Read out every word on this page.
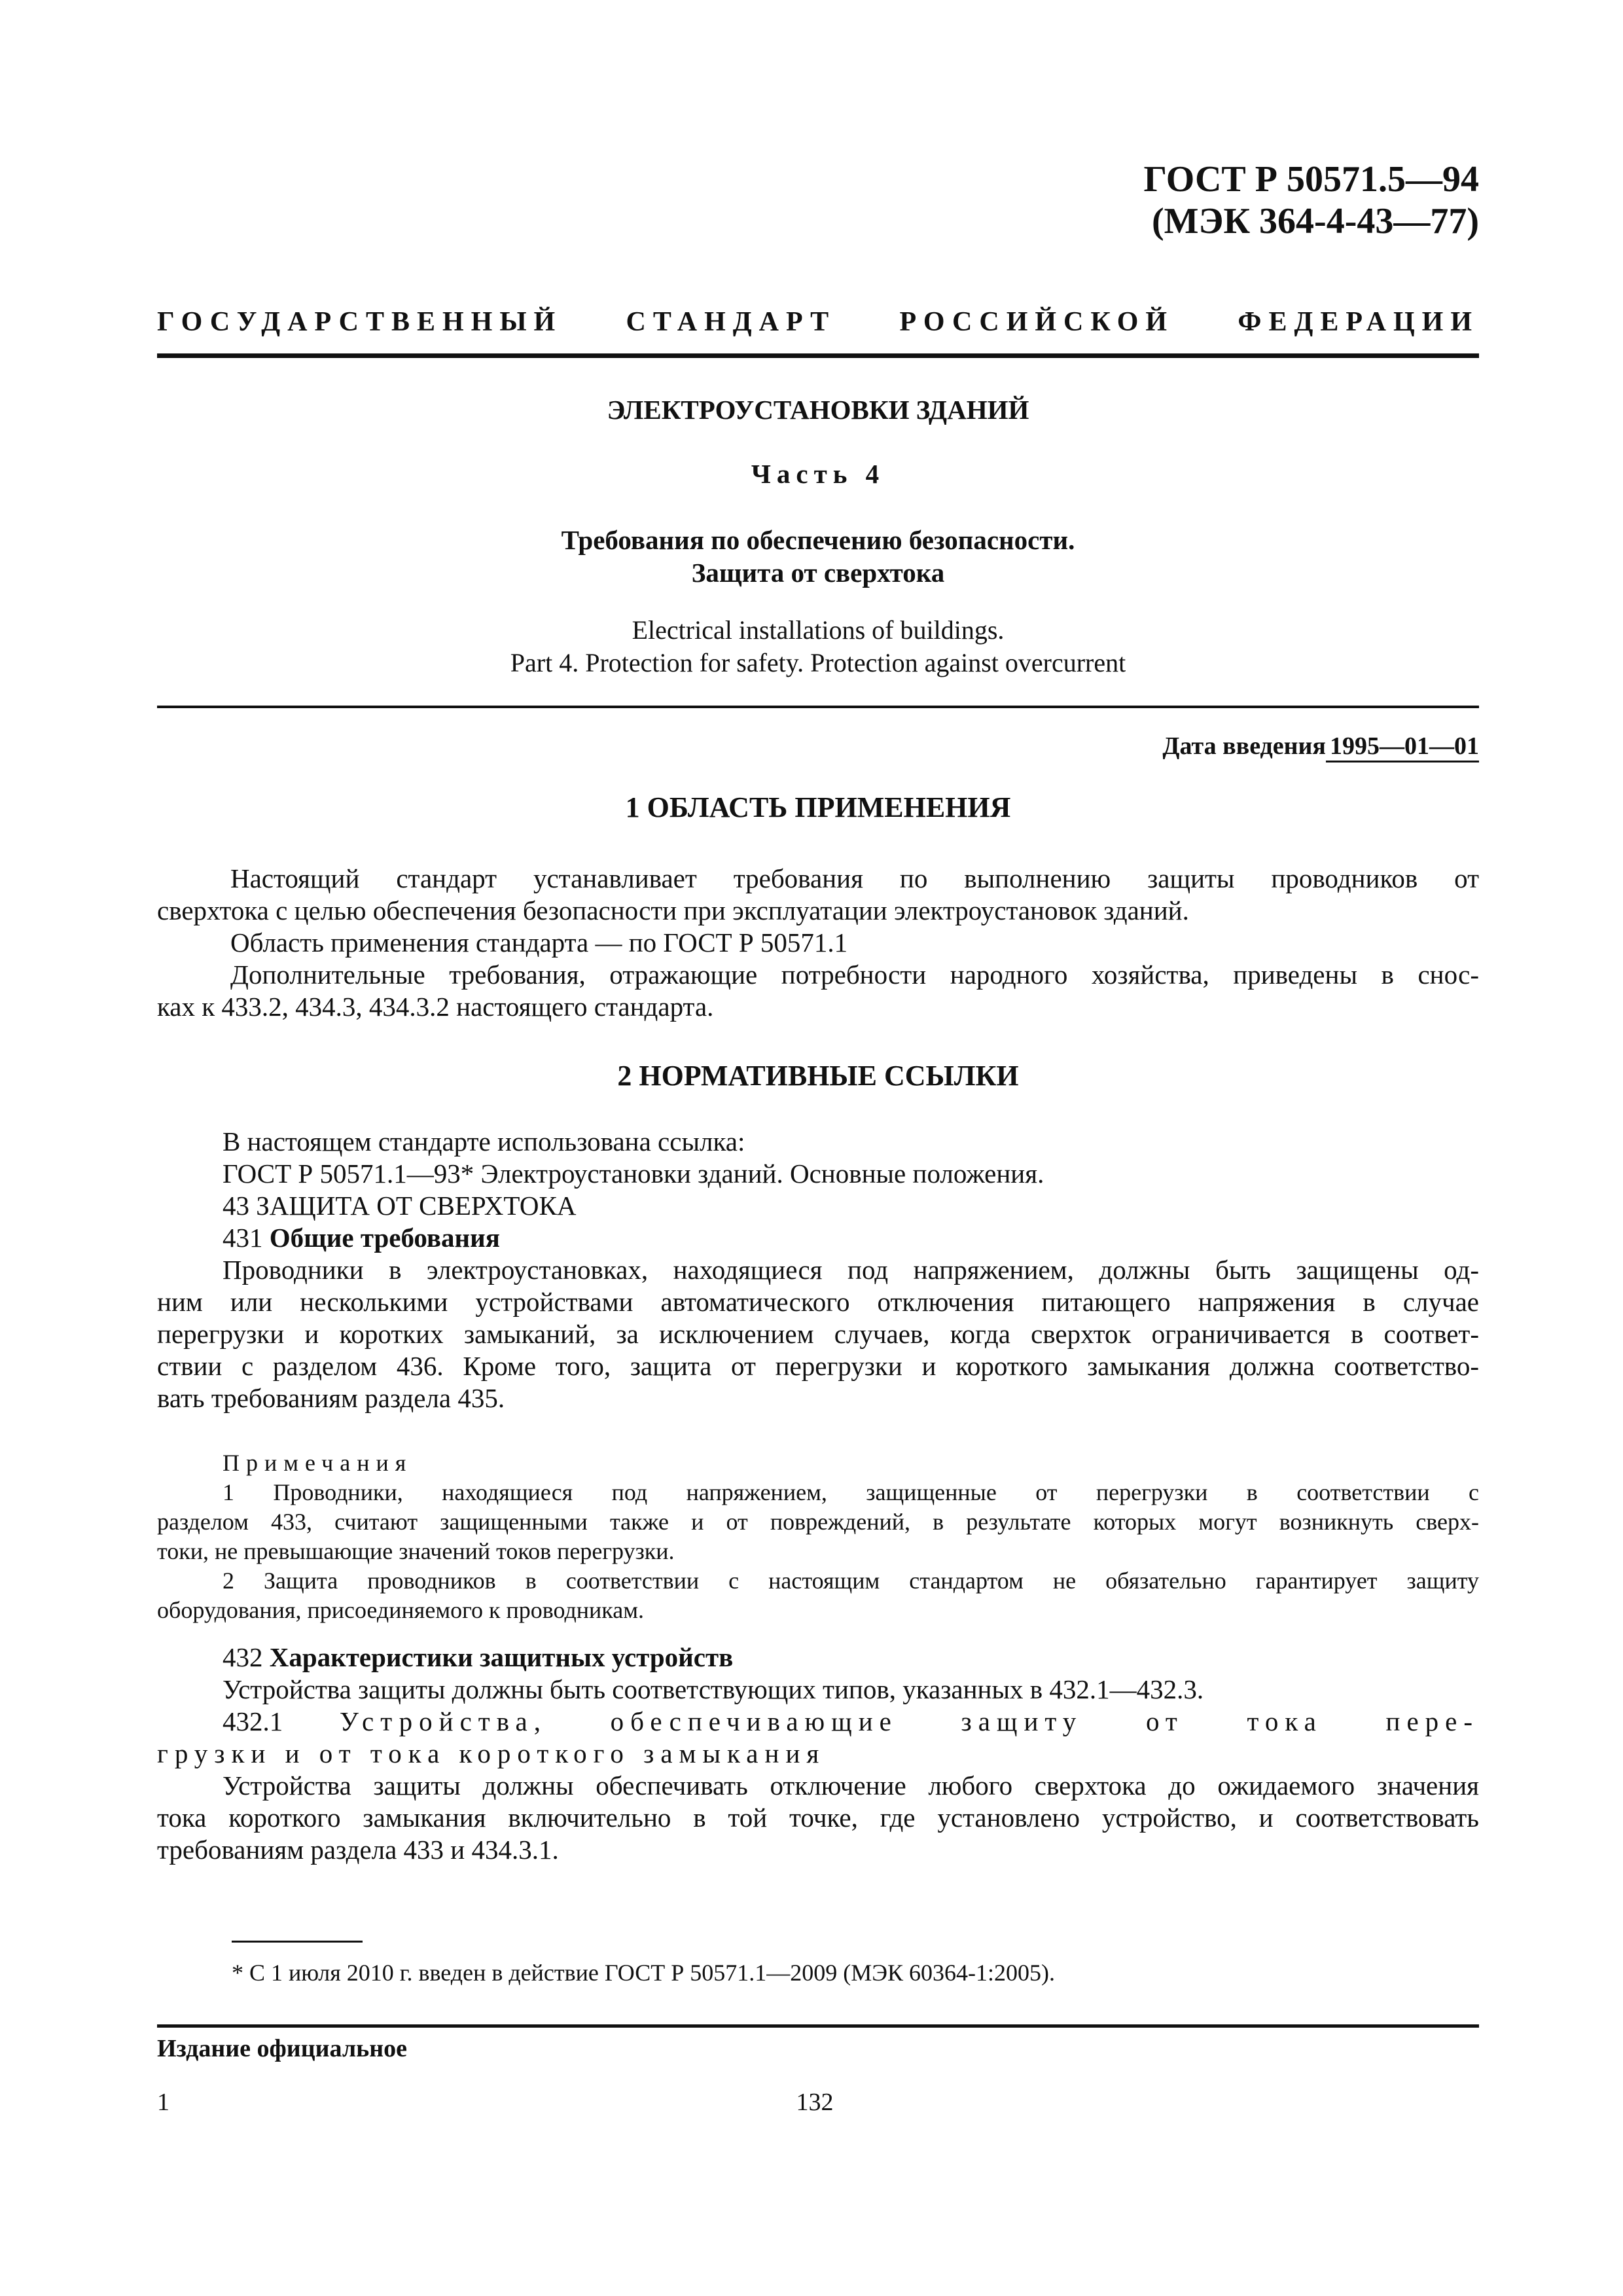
ГОСТ Р 50571.5—94
(МЭК 364-4-43—77)
ГОСУДАРСТВЕННЫЙ СТАНДАРТ РОССИЙСКОЙ ФЕДЕРАЦИИ
ЭЛЕКТРОУСТАНОВКИ ЗДАНИЙ
Часть 4
Требования по обеспечению безопасности.
Защита от сверхтока
Electrical installations of buildings.
Part 4. Protection for safety. Protection against overcurrent
Дата введения 1995—01—01
1 ОБЛАСТЬ ПРИМЕНЕНИЯ
Настоящий стандарт устанавливает требования по выполнению защиты проводников от
сверхтока с целью обеспечения безопасности при эксплуатации электроустановок зданий.
Область применения стандарта — по ГОСТ Р 50571.1
Дополнительные требования, отражающие потребности народного хозяйства, приведены в снос-
ках к 433.2, 434.3, 434.3.2 настоящего стандарта.
2 НОРМАТИВНЫЕ ССЫЛКИ
В настоящем стандарте использована ссылка:
ГОСТ Р 50571.1—93* Электроустановки зданий. Основные положения.
43 ЗАЩИТА ОТ СВЕРХТОКА
431 Общие требования
Проводники в электроустановках, находящиеся под напряжением, должны быть защищены од-
ним или несколькими устройствами автоматического отключения питающего напряжения в случае
перегрузки и коротких замыканий, за исключением случаев, когда сверхток ограничивается в соответ-
ствии с разделом 436. Кроме того, защита от перегрузки и короткого замыкания должна соответство-
вать требованиям раздела 435.
Примечания
1 Проводники, находящиеся под напряжением, защищенные от перегрузки в соответствии с
разделом 433, считают защищенными также и от повреждений, в результате которых могут возникнуть сверх-
токи, не превышающие значений токов перегрузки.
2 Защита проводников в соответствии с настоящим стандартом не обязательно гарантирует защиту
оборудования, присоединяемого к проводникам.
432 Характеристики защитных устройств
Устройства защиты должны быть соответствующих типов, указанных в 432.1—432.3.
432.1 Устройства, обеспечивающие защиту от тока пере-
грузки и от тока короткого замыкания
Устройства защиты должны обеспечивать отключение любого сверхтока до ожидаемого значения
тока короткого замыкания включительно в той точке, где установлено устройство, и соответствовать
требованиям раздела 433 и 434.3.1.
* С 1 июля 2010 г. введен в действие ГОСТ Р 50571.1—2009 (МЭК 60364-1:2005).
Издание официальное
1	132
